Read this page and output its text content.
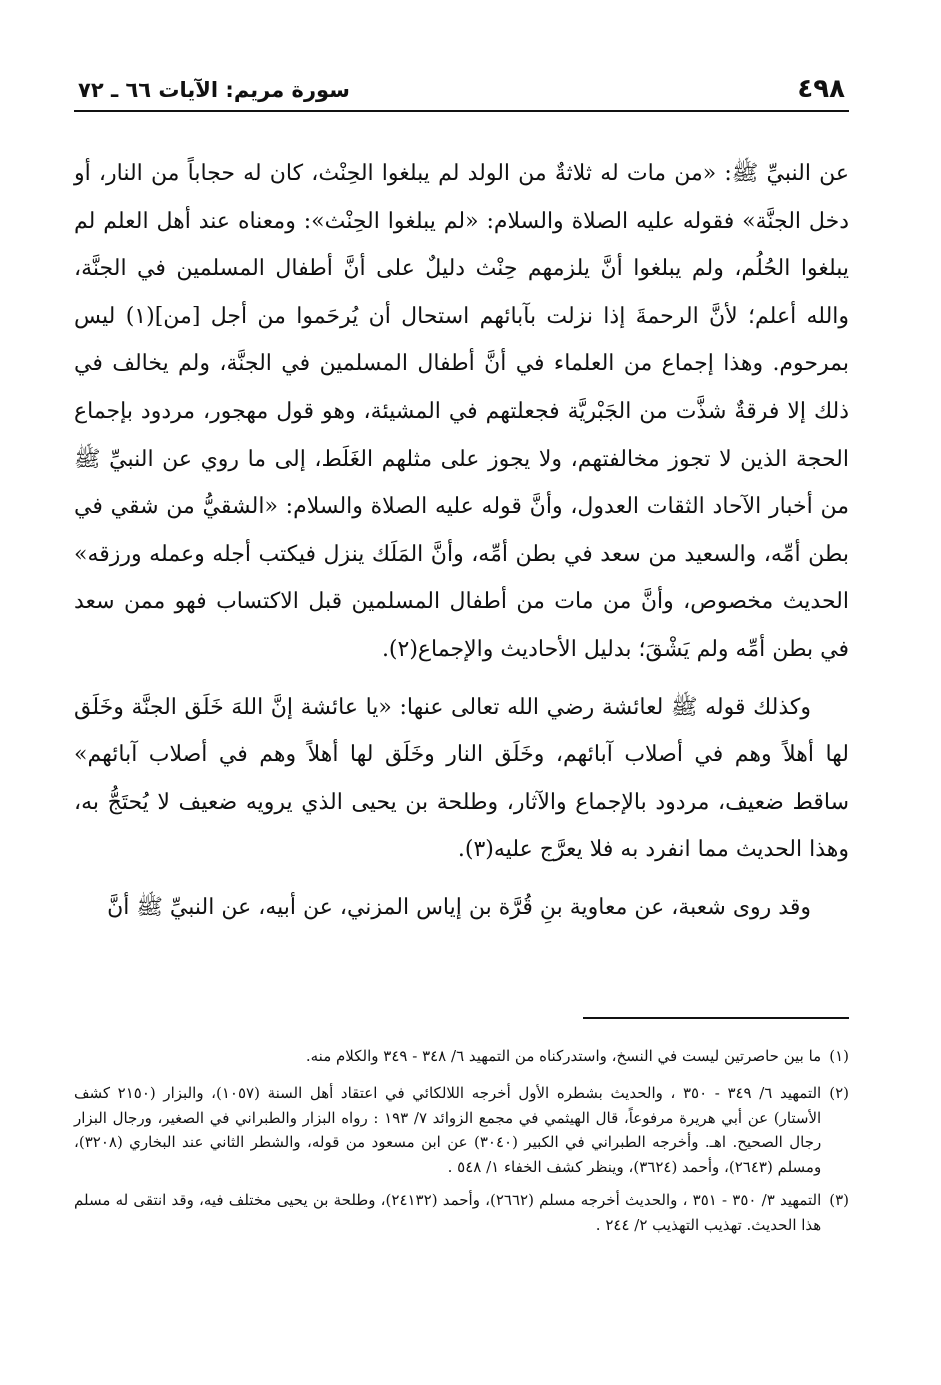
٤٩٨
سورة مريم: الآيات ٦٦ ـ ٧٢

عن النبيِّ ﷺ: «من مات له ثلاثةٌ من الولد لم يبلغوا الحِنْث، كان له حجاباً من النار، أو دخل الجنَّة» فقوله عليه الصلاة والسلام: «لم يبلغوا الحِنْث»: ومعناه عند أهل العلم لم يبلغوا الحُلُم، ولم يبلغوا أنَّ يلزمهم حِنْث دليلٌ على أنَّ أطفال المسلمين في الجنَّة، والله أعلم؛ لأنَّ الرحمةَ إذا نزلت بآبائهم استحال أن يُرحَموا من أجل [من](١) ليس بمرحوم. وهذا إجماع من العلماء في أنَّ أطفال المسلمين في الجنَّة، ولم يخالف في ذلك إلا فرقةٌ شذَّت من الجَبْريَّة فجعلتهم في المشيئة، وهو قول مهجور، مردود بإجماع الحجة الذين لا تجوز مخالفتهم، ولا يجوز على مثلهم الغَلَط، إلى ما روي عن النبيِّ ﷺ من أخبار الآحاد الثقات العدول، وأنَّ قوله عليه الصلاة والسلام: «الشقيُّ من شقي في بطن أمِّه، والسعيد من سعد في بطن أمِّه، وأنَّ المَلَك ينزل فيكتب أجله وعمله ورزقه» الحديث مخصوص، وأنَّ من مات من أطفال المسلمين قبل الاكتساب فهو ممن سعد في بطن أمِّه ولم يَشْقَ؛ بدليل الأحاديث والإجماع(٢).

وكذلك قوله ﷺ لعائشة رضي الله تعالى عنها: «يا عائشة إنَّ اللهَ خَلَق الجنَّة وخَلَق لها أهلاً وهم في أصلاب آبائهم، وخَلَق النار وخَلَق لها أهلاً وهم في أصلاب آبائهم» ساقط ضعيف، مردود بالإجماع والآثار، وطلحة بن يحيى الذي يرويه ضعيف لا يُحتَجُّ به، وهذا الحديث مما انفرد به فلا يعرَّج عليه(٣).

وقد روى شعبة، عن معاوية بنِ قُرَّة بن إياس المزني، عن أبيه، عن النبيِّ ﷺ أنَّ

(١)
ما بين حاصرتين ليست في النسخ، واستدركناه من التمهيد ٦/ ٣٤٨ - ٣٤٩ والكلام منه.
(٢)
التمهيد ٦/ ٣٤٩ - ٣٥٠ ، والحديث بشطره الأول أخرجه اللالكائي في اعتقاد أهل السنة (١٠٥٧)، والبزار (٢١٥٠ كشف الأستار) عن أبي هريرة مرفوعاً، قال الهيثمي في مجمع الزوائد ٧/ ١٩٣ : رواه البزار والطبراني في الصغير، ورجال البزار رجال الصحيح. اهـ. وأخرجه الطبراني في الكبير (٣٠٤٠) عن ابن مسعود من قوله، والشطر الثاني عند البخاري (٣٢٠٨)، ومسلم (٢٦٤٣)، وأحمد (٣٦٢٤)، وينظر كشف الخفاء ١/ ٥٤٨ .
(٣)
التمهيد ٣/ ٣٥٠ - ٣٥١ ، والحديث أخرجه مسلم (٢٦٦٢)، وأحمد (٢٤١٣٢)، وطلحة بن يحيى مختلف فيه، وقد انتقى له مسلم هذا الحديث. تهذيب التهذيب ٢/ ٢٤٤ .
